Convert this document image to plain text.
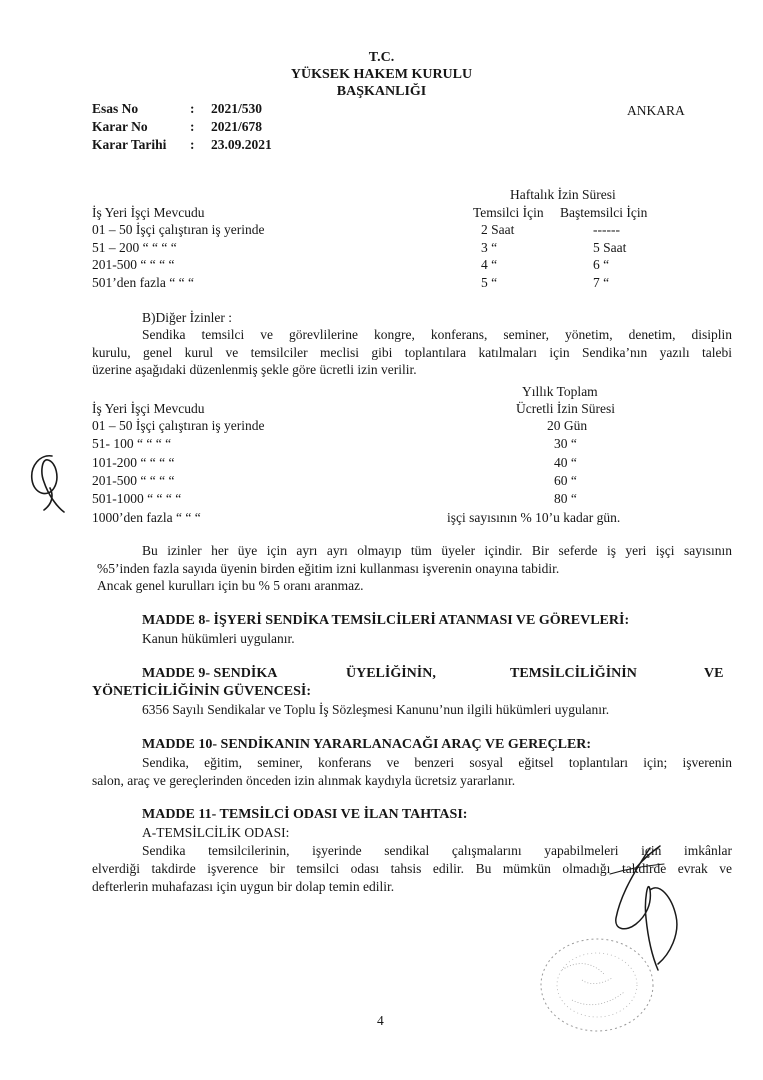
T.C.
YÜKSEK HAKEM KURULU
BAŞKANLIĞI
Esas No	: 2021/530
Karar No	: 2021/678
Karar Tarihi : 23.09.2021
ANKARA
Haftalık İzin Süresi
İş Yeri İşçi Mevcudu	Temsilci İçin Baştemsilci İçin
01 – 50 İşçi çalıştıran iş yerinde	2 Saat	------
51 – 200 “ “ “ “	3 “	5 Saat
201-500 “ “ “ “	4 “	6 “
501’den fazla “ “ “	5 “	7 “
B)Diğer İzinler :
Sendika temsilci ve görevlilerine kongre, konferans, seminer, yönetim, denetim, disiplin
kurulu, genel kurul ve temsilciler meclisi gibi toplantılara katılmaları için Sendika’nın yazılı talebi
üzerine aşağıdaki düzenlenmiş şekle göre ücretli izin verilir.
Yıllık Toplam
İş Yeri İşçi Mevcudu	Ücretli İzin Süresi
01 – 50 İşçi çalıştıran iş yerinde	20 Gün
51- 100 “ “ “ “	30 “
101-200 “ “ “ “	40 “
201-500 “ “ “ “	60 “
501-1000 “ “ “ “	80 “
1000’den fazla “ “ “	işçi sayısının % 10’u kadar gün.
Bu izinler her üye için ayrı ayrı olmayıp tüm üyeler içindir. Bir seferde iş yeri işçi sayısının
%5’inden fazla sayıda üyenin birden eğitim izni kullanması işverenin onayına tabidir.
Ancak genel kurulları için bu % 5 oranı aranmaz.
MADDE 8- İŞYERİ SENDİKA TEMSİLCİLERİ ATANMASI VE GÖREVLERİ:
Kanun hükümleri uygulanır.
MADDE 9- SENDİKA	ÜYELİĞİNİN,	TEMSİLCİLİĞİNİN	VE
YÖNETİCİLİĞİNİN GÜVENCESİ:
6356 Sayılı Sendikalar ve Toplu İş Sözleşmesi Kanunu’nun ilgili hükümleri uygulanır.
MADDE 10- SENDİKANIN YARARLANACAĞI ARAÇ VE GEREÇLER:
Sendika, eğitim, seminer, konferans ve benzeri sosyal eğitsel toplantıları için; işverenin
salon, araç ve gereçlerinden önceden izin alınmak kaydıyla ücretsiz yararlanır.
MADDE 11- TEMSİLCİ ODASI VE İLAN TAHTASI:
A-TEMSİLCİLİK ODASI:
Sendika temsilcilerinin, işyerinde sendikal çalışmalarını yapabilmeleri için imkânlar
elverdiği takdirde işverence bir temsilci odası tahsis edilir. Bu mümkün olmadığı takdirde evrak ve
defterlerin muhafazası için uygun bir dolap temin edilir.
4
